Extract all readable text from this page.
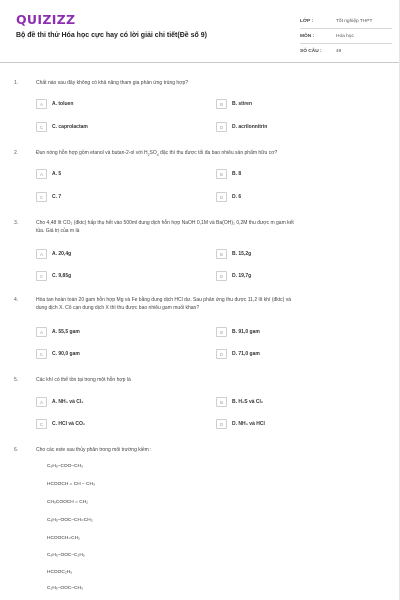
QUIZIZZ
Bộ đề thi thử Hóa học cực hay có lời giải chi tiết(Đề số 9)
LỚP :	Tốt nghiệp THPT
MÔN :	Hóa học
SỐ CÂU :	49
1.	Chất nào sau đây không có khả năng tham gia phản ứng trùng hợp?
A	A. toluen	B	B. stiren
C	C. caprolactam	D	D. acrilonnitrin
2.	Đun nóng hỗn hợp gồm etanol và butan-2-ol với $H_2SO_4$ đặc thì thu được tối đa bao nhiêu sản phẩm hữu cơ?
A	A. 5	B	B. 8
C	C. 7	D	D. 6
3.	Cho 4,48 lít CO₂ (đktc) hấp thụ hết vào 500ml dung dịch hỗn hợp NaOH 0,1M và Ba(OH)₂ 0,2M thu được m gam kết
tủa. Giá trị của m là
A	A. 20,4g	B	B. 15,2g
C	C. 9,85g	D	D. 19,7g
4.	Hòa tan hoàn toàn 20 gam hỗn hợp Mg và Fe bằng dung dịch HCl dư. Sau phản ứng thu được 11,2 lít khí (đktc) và
dung dịch X. Cô cạn dung dịch X thì thu được bao nhiêu gam muối khan?
A	A. 55,5 gam	B	B. 91,0 gam
C	C. 90,0 gam	D	D. 71,0 gam
5.	Các khí có thể tồn tại trong một hỗn hợp là
A	A. NH₃ và Cl₂	B	B. H₂S và Cl₂
C	C. HCl và CO₂	D	D. NH₃ và HCl
6.	Cho các este sau thủy phân trong môi trường kiềm :
C₆H₅–COO–CH₃
HCOOCH = CH – CH₃
CH₃COOCH = CH₂
C₆H₅–OOC–CH=CH₂
HCOOCH=CH₂
C₆H₅–OOC–C₂H₅
HCOOC₂H₅
C₂H₅–OOC–CH₃
